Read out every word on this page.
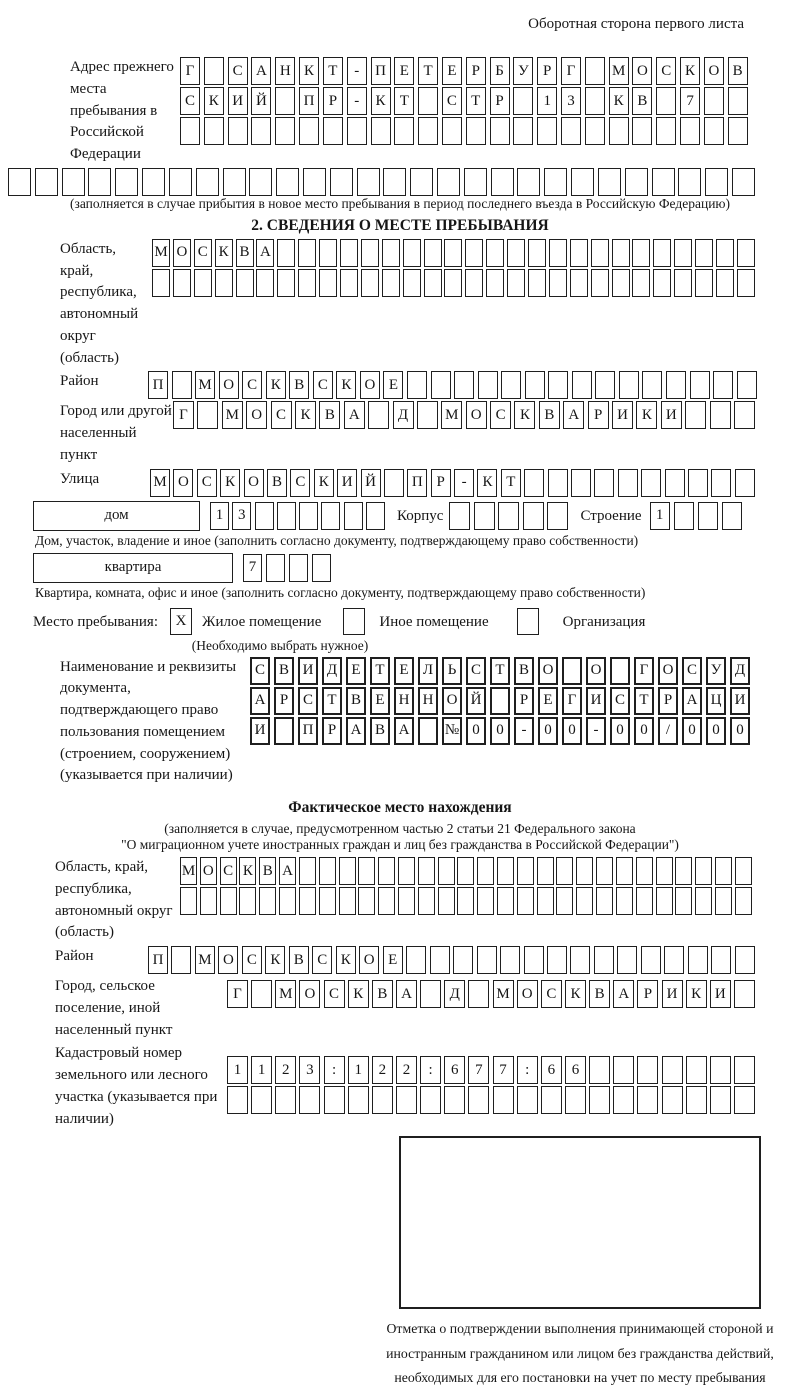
Оборотная сторона первого листа
Адрес прежнего места пребывания в Российской Федерации
Г	С А Н К Т	-	П Е Т Е	Р	Б У Р	Г	М О С К О В
С К И Й	П Р	-	К Т	С Т	Р	1	3	К В	7
(заполняется в случае прибытия в новое место пребывания в период последнего въезда в Российскую Федерацию)
2. СВЕДЕНИЯ О МЕСТЕ ПРЕБЫВАНИЯ
Область, край, республика, автономный округ (область)
М О С К В А
Район	П	М О С К В С К О Е
Город или другой населенный пункт
Г	М О С К В А	Д	М О С К В А Р И К И
Улица	М О С К О В С К И Й	П Р	-	К Т
дом	1 3	Корпус	Строение 1
Дом, участок, владение и иное (заполнить согласно документу, подтверждающему право собственности)
квартира	7
Квартира, комната, офис и иное (заполнить согласно документу, подтверждающему право собственности)
Место пребывания:	X	Жилое помещение	Иное помещение	Организация
(Необходимо выбрать нужное)
Наименование и реквизиты документа, подтверждающего право пользования помещением (строением, сооружением) (указывается при наличии)
С В И Д Е Т Е Л Ь С Т В О	О	Г О С У Д
А Р С Т В Е Н Н О Й	Р	Е	Г И С Т	Р А Ц И
И	П Р А В А	№ 0	0	-	0	0	-	0	0	/	0	0	0
Фактическое место нахождения
(заполняется в случае, предусмотренном частью 2 статьи 21 Федерального закона
"О миграционном учете иностранных граждан и лиц без гражданства в Российской Федерации")
Область, край, республика, автономный округ (область)
М О С К В А
Район	П	М О С К В С К О Е
Город, сельское поселение, иной населенный пункт
Г	М О С К В А	Д	М О С К В А Р И К И
Кадастровый номер земельного или лесного участка (указывается при наличии)
1	1	2	3	:	1	2	2	:	6	7	7	:	6	6
Отметка о подтверждении выполнения принимающей стороной и иностранным гражданином или лицом без гражданства действий, необходимых для его постановки на учет по месту пребывания
